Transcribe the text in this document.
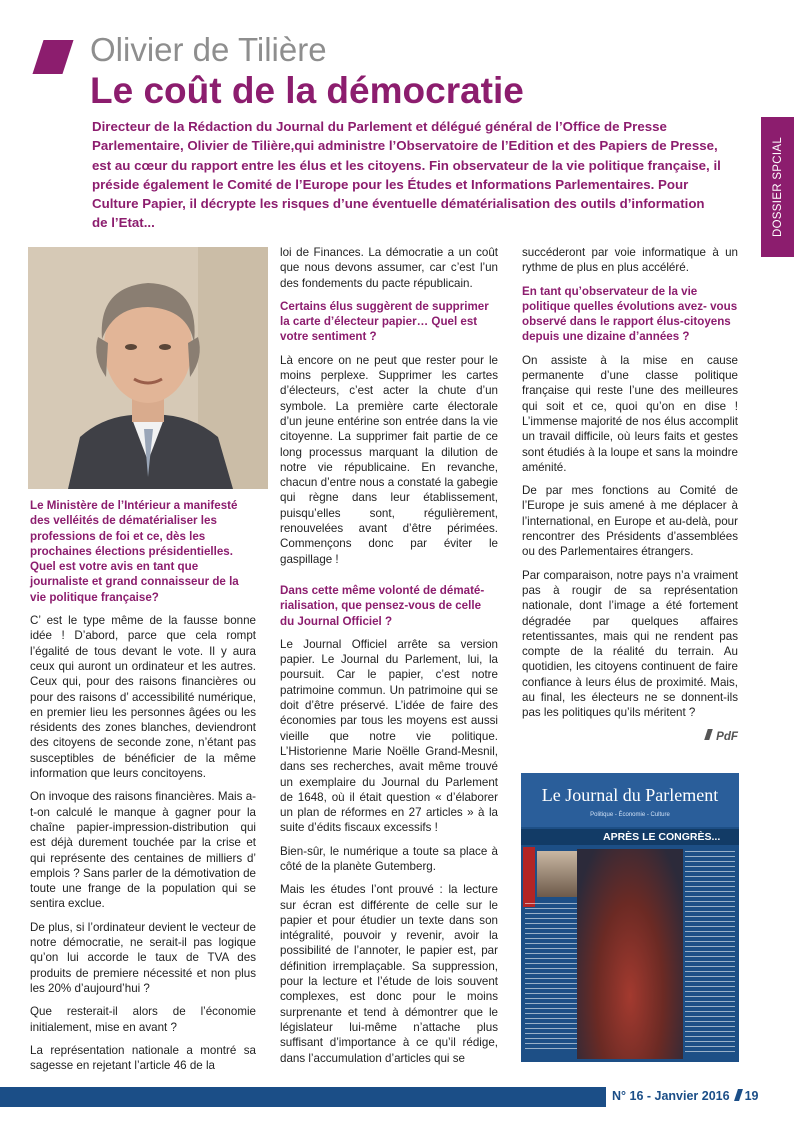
Olivier de Tilière
Le coût de la démocratie

Directeur de la Rédaction du Journal du Parlement et délégué général de l’Office de Presse Parlementaire, Olivier de Tilière,qui administre l’Observatoire de l’Edition et des Papiers de Presse, est au cœur du rapport entre les élus et les citoyens. Fin observateur de la vie politique française, il préside également le Comité de l’Europe pour les Études et Informations Parlementaires. Pour Culture Papier, il décrypte les risques d’une éventuelle dématérialisation des outils d’information de l’Etat...	DOSSIER SPCIAL

Le Ministère de l’Intérieur a manifesté des velléités de dématérialiser les professions de foi et ce, dès les prochaines élections présidentielles. Quel est votre avis en tant que journaliste et grand connaisseur de la vie politique française?

C’ est le type même de la fausse bonne idée ! D’abord, parce que cela rompt l’égalité de tous devant le vote. Il y aura ceux qui auront un ordinateur et les autres. Ceux qui, pour des raisons financières ou pour des raisons d’ accessibilité numérique, en premier lieu les personnes âgées ou les résidents des zones blanches, deviendront des citoyens de seconde zone, n’étant pas susceptibles de bénéficier de la même information que leurs concitoyens.

On invoque des raisons financières. Mais a-t-on calculé le manque à gagner pour la chaîne papier-impression-distribution qui est déjà durement touchée par la crise et qui représente des centaines de milliers d’ emplois ? Sans parler de la démotivation de toute une frange de la population qui se sentira exclue.

De plus, si l’ordinateur devient le vecteur de notre démocratie, ne serait-il pas logique qu’on lui accorde le taux de TVA des produits de premiere nécessité et non plus les 20% d’aujourd’hui ?

Que resterait-il alors de l’économie initialement, mise en avant ?

La représentation nationale a montré sa sagesse en rejetant l’article 46 de la

loi de Finances. La démocratie a un coût que nous devons assumer, car c’est l’un des fondements du pacte républicain.

Certains élus suggèrent de supprimer la carte d’électeur papier… Quel est votre sentiment ?

Là encore on ne peut que rester pour le moins perplexe. Supprimer les cartes d’électeurs, c’est acter la chute d’un symbole. La première carte électorale d’un jeune entérine son entrée dans la vie citoyenne. La supprimer fait partie de ce long processus marquant la dilution de notre vie républicaine. En revanche, chacun d’entre nous a constaté la gabegie qui règne dans leur établissement, puisqu’elles sont, régulièrement, renouvelées avant d’être périmées. Commençons donc par éviter le gaspillage !

Dans cette même volonté de dématé-rialisation, que pensez-vous de celle du Journal Officiel ?

Le Journal Officiel arrête sa version papier. Le Journal du Parlement, lui, la poursuit. Car le papier, c’est notre patrimoine commun. Un patrimoine qui se doit d’être préservé. L’idée de faire des économies par tous les moyens est aussi vieille que notre vie politique. L’Historienne Marie Noëlle Grand-Mesnil, dans ses recherches, avait même trouvé un exemplaire du Journal du Parlement de 1648, où il était question « d’élaborer un plan de réformes en 27 articles » à la suite d’édits fiscaux excessifs !

Bien-sûr, le numérique a toute sa place à côté de la planète Gutemberg.

Mais les études l’ont prouvé : la lecture sur écran est différente de celle sur le papier et pour étudier un texte dans son intégralité, pouvoir y revenir, avoir la possibilité de l’annoter, le papier est, par définition irremplaçable. Sa suppression, pour la lecture et l’étude de lois souvent complexes, est donc pour le moins surprenante et tend à démontrer que le législateur lui-même n’attache plus suffisant d’importance à ce qu’il rédige, dans l’accumulation d’articles qui se

succéderont par voie informatique à un rythme de plus en plus accéléré.

En tant qu’observateur de la vie politique quelles évolutions avez- vous observé dans le rapport élus-citoyens depuis une dizaine d’années ?

On assiste à la mise en cause permanente d’une classe politique française qui reste l’une des meilleures qui soit et ce, quoi qu’on en dise ! L’immense majorité de nos élus accomplit un travail difficile, où leurs faits et gestes sont étudiés à la loupe et sans la moindre aménité.

De par mes fonctions au Comité de l’Europe je suis amené à me déplacer à l’international, en Europe et au-delà, pour rencontrer des Présidents d’assemblées ou des Parlementaires étrangers.

Par comparaison, notre pays n’a vraiment pas à rougir de sa représentation nationale, dont l’image a été fortement dégradée par quelques affaires retentissantes, mais qui ne rendent pas compte de la réalité du terrain. Au quotidien, les citoyens continuent de faire confiance à leurs élus de proximité. Mais, au final, les électeurs ne se donnent-ils pas les politiques qu’ils méritent ?

PdF
Le Journal du Parlement
Politique - Économie - Culture
APRÈS LE CONGRÈS...
N° 16 - Janvier 2016 19
